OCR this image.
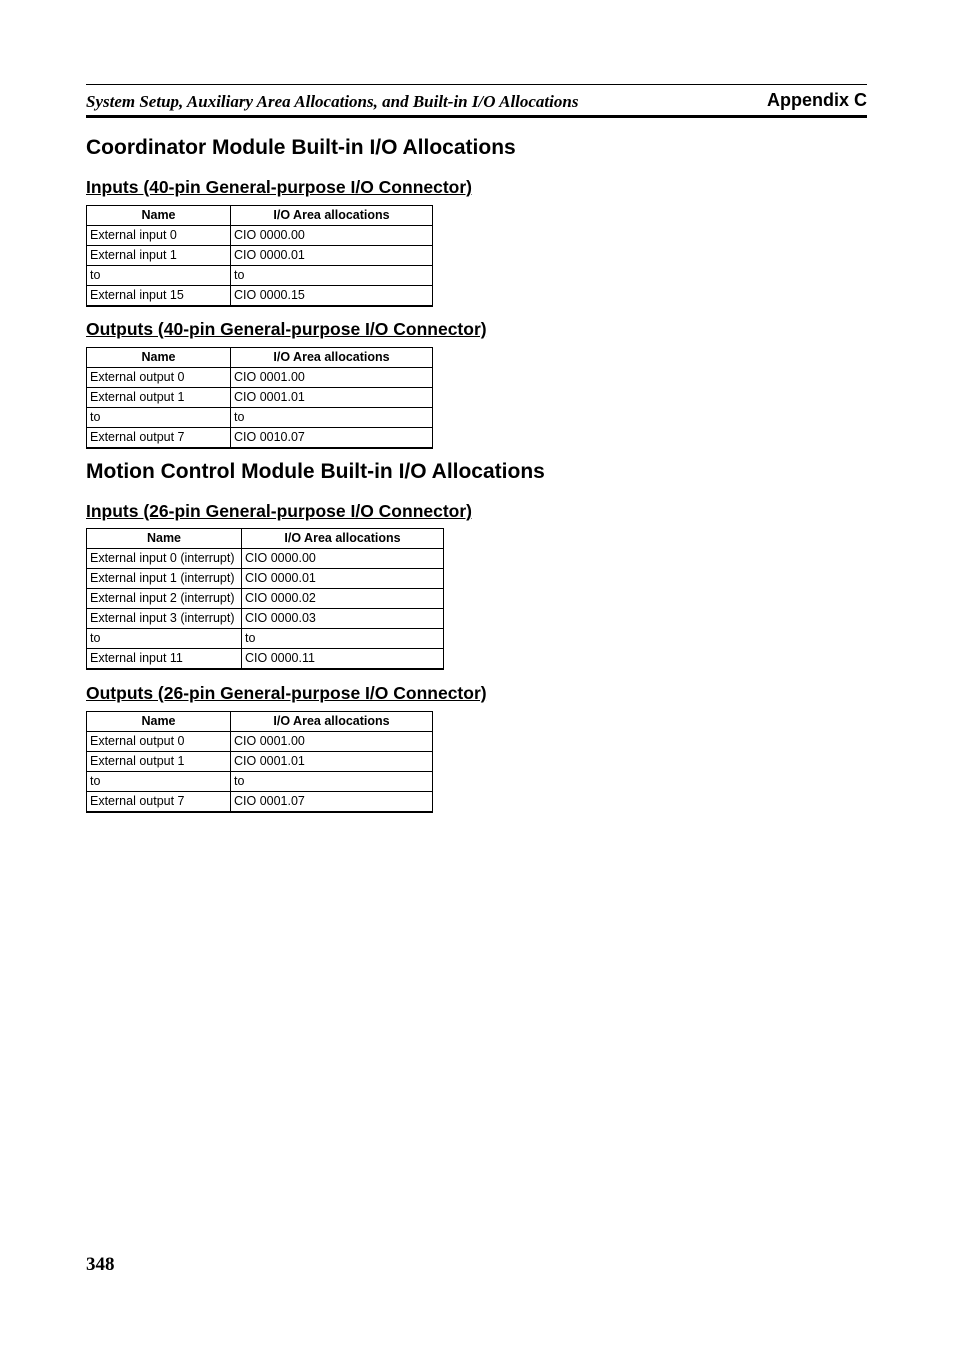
System Setup, Auxiliary Area Allocations, and Built-in I/O Allocations	Appendix C
Coordinator Module Built-in I/O Allocations
Inputs (40-pin General-purpose I/O Connector)
Name	I/O Area allocations
External input 0	CIO 0000.00
External input 1	CIO 0000.01
to	to
External input 15	CIO 0000.15
Outputs (40-pin General-purpose I/O Connector)
Name	I/O Area allocations
External output 0	CIO 0001.00
External output 1	CIO 0001.01
to	to
External output 7	CIO 0010.07
Motion Control Module Built-in I/O Allocations
Inputs (26-pin General-purpose I/O Connector)
Name	I/O Area allocations
External input 0 (interrupt)	CIO 0000.00
External input 1 (interrupt)	CIO 0000.01
External input 2 (interrupt)	CIO 0000.02
External input 3 (interrupt)	CIO 0000.03
to	to
External input 11	CIO 0000.11
Outputs (26-pin General-purpose I/O Connector)
Name	I/O Area allocations
External output 0	CIO 0001.00
External output 1	CIO 0001.01
to	to
External output 7	CIO 0001.07
348
